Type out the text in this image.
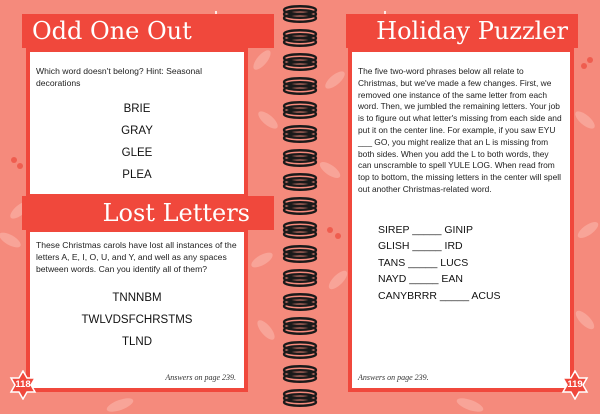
Odd One Out
Which word doesn't belong? Hint: Seasonal decorations
BRIE
GRAY
GLEE
PLEA
Lost Letters
These Christmas carols have lost all instances of the letters A, E, I, O, U, and Y, and well as any spaces between words. Can you identify all of them?
TNNNBM
TWLVDSFCHRSTMS
TLND
Answers on page 239.
Holiday Puzzler
The five two-word phrases below all relate to Christmas, but we've made a few changes. First, we removed one instance of the same letter from each word. Then, we jumbled the remaining letters. Your job is to figure out what letter's missing from each side and put it on the center line. For example, if you saw EYU ___ GO, you might realize that an L is missing from both sides. When you add the L to both words, they can unscramble to spell YULE LOG. When read from top to bottom, the missing letters in the center will spell out another Christmas-related word.
SIREP _____ GINIP
GLISH _____ IRD
TANS _____ LUCS
NAYD _____ EAN
CANYBRRR _____ ACUS
Answers on page 239.
118	119
